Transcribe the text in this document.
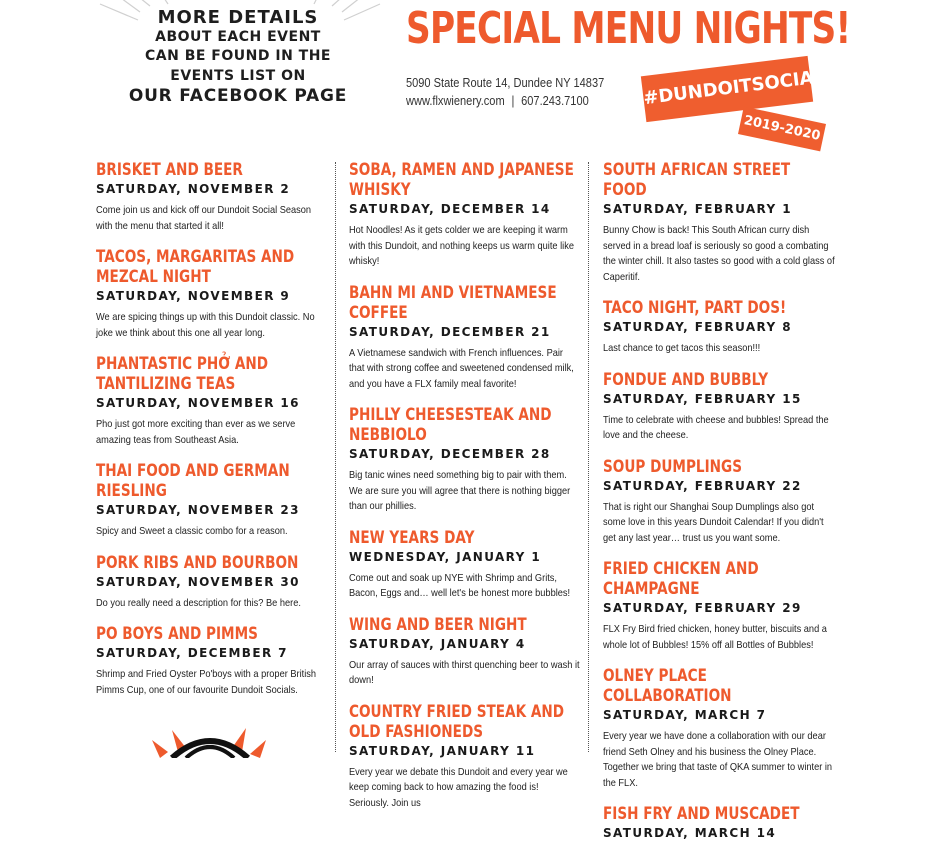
MORE DETAILS
ABOUT EACH EVENT
CAN BE FOUND IN THE
EVENTS LIST ON
OUR FACEBOOK PAGE
SPECIAL MENU NIGHTS!
5090 State Route 14, Dundee NY 14837
www.flxwienery.com | 607.243.7100	#DUNDOITSOCIAL
2019-2020
BRISKET AND BEER
SATURDAY, NOVEMBER 2
Come join us and kick off our Dundoit Social Season with the menu that started it all!
TACOS, MARGARITAS AND MEZCAL NIGHT
SATURDAY, NOVEMBER 9
We are spicing things up with this Dundoit classic. No joke we think about this one all year long.
PHANTASTIC PHỞ AND TANTILIZING TEAS
SATURDAY, NOVEMBER 16
Pho just got more exciting than ever as we serve amazing teas from Southeast Asia.
THAI FOOD AND GERMAN RIESLING
SATURDAY, NOVEMBER 23
Spicy and Sweet a classic combo for a reason.
PORK RIBS AND BOURBON
SATURDAY, NOVEMBER 30
Do you really need a description for this? Be here.
PO BOYS AND PIMMS
SATURDAY, DECEMBER 7
Shrimp and Fried Oyster Po'boys with a proper British Pimms Cup, one of our favourite Dundoit Socials.
SOBA, RAMEN AND JAPANESE WHISKY
SATURDAY, DECEMBER 14
Hot Noodles! As it gets colder we are keeping it warm with this Dundoit, and nothing keeps us warm quite like whisky!
BAHN MI AND VIETNAMESE COFFEE
SATURDAY, DECEMBER 21
A Vietnamese sandwich with French influences. Pair that with strong coffee and sweetened condensed milk, and you have a FLX family meal favorite!
PHILLY CHEESESTEAK AND NEBBIOLO
SATURDAY, DECEMBER 28
Big tanic wines need something big to pair with them. We are sure you will agree that there is nothing bigger than our phillies.
NEW YEARS DAY
WEDNESDAY, JANUARY 1
Come out and soak up NYE with Shrimp and Grits, Bacon, Eggs and… well let's be honest more bubbles!
WING AND BEER NIGHT
SATURDAY, JANUARY 4
Our array of sauces with thirst quenching beer to wash it down!
COUNTRY FRIED STEAK AND OLD FASHIONEDS
SATURDAY, JANUARY 11
Every year we debate this Dundoit and every year we keep coming back to how amazing the food is! Seriously. Join us
SOUTH AFRICAN STREET FOOD
SATURDAY, FEBRUARY 1
Bunny Chow is back! This South African curry dish served in a bread loaf is seriously so good a combating the winter chill. It also tastes so good with a cold glass of Caperitif.
TACO NIGHT, PART DOS!
SATURDAY, FEBRUARY 8
Last chance to get tacos this season!!!
FONDUE AND BUBBLY
SATURDAY, FEBRUARY 15
Time to celebrate with cheese and bubbles! Spread the love and the cheese.
SOUP DUMPLINGS
SATURDAY, FEBRUARY 22
That is right our Shanghai Soup Dumplings also got some love in this years Dundoit Calendar! If you didn't get any last year… trust us you want some.
FRIED CHICKEN AND CHAMPAGNE
SATURDAY, FEBRUARY 29
FLX Fry Bird fried chicken, honey butter, biscuits and a whole lot of Bubbles! 15% off all Bottles of Bubbles!
OLNEY PLACE COLLABORATION
SATURDAY, MARCH 7
Every year we have done a collaboration with our dear friend Seth Olney and his business the Olney Place. Together we bring that taste of QKA summer to winter in the FLX.
FISH FRY AND MUSCADET
SATURDAY, MARCH 14
